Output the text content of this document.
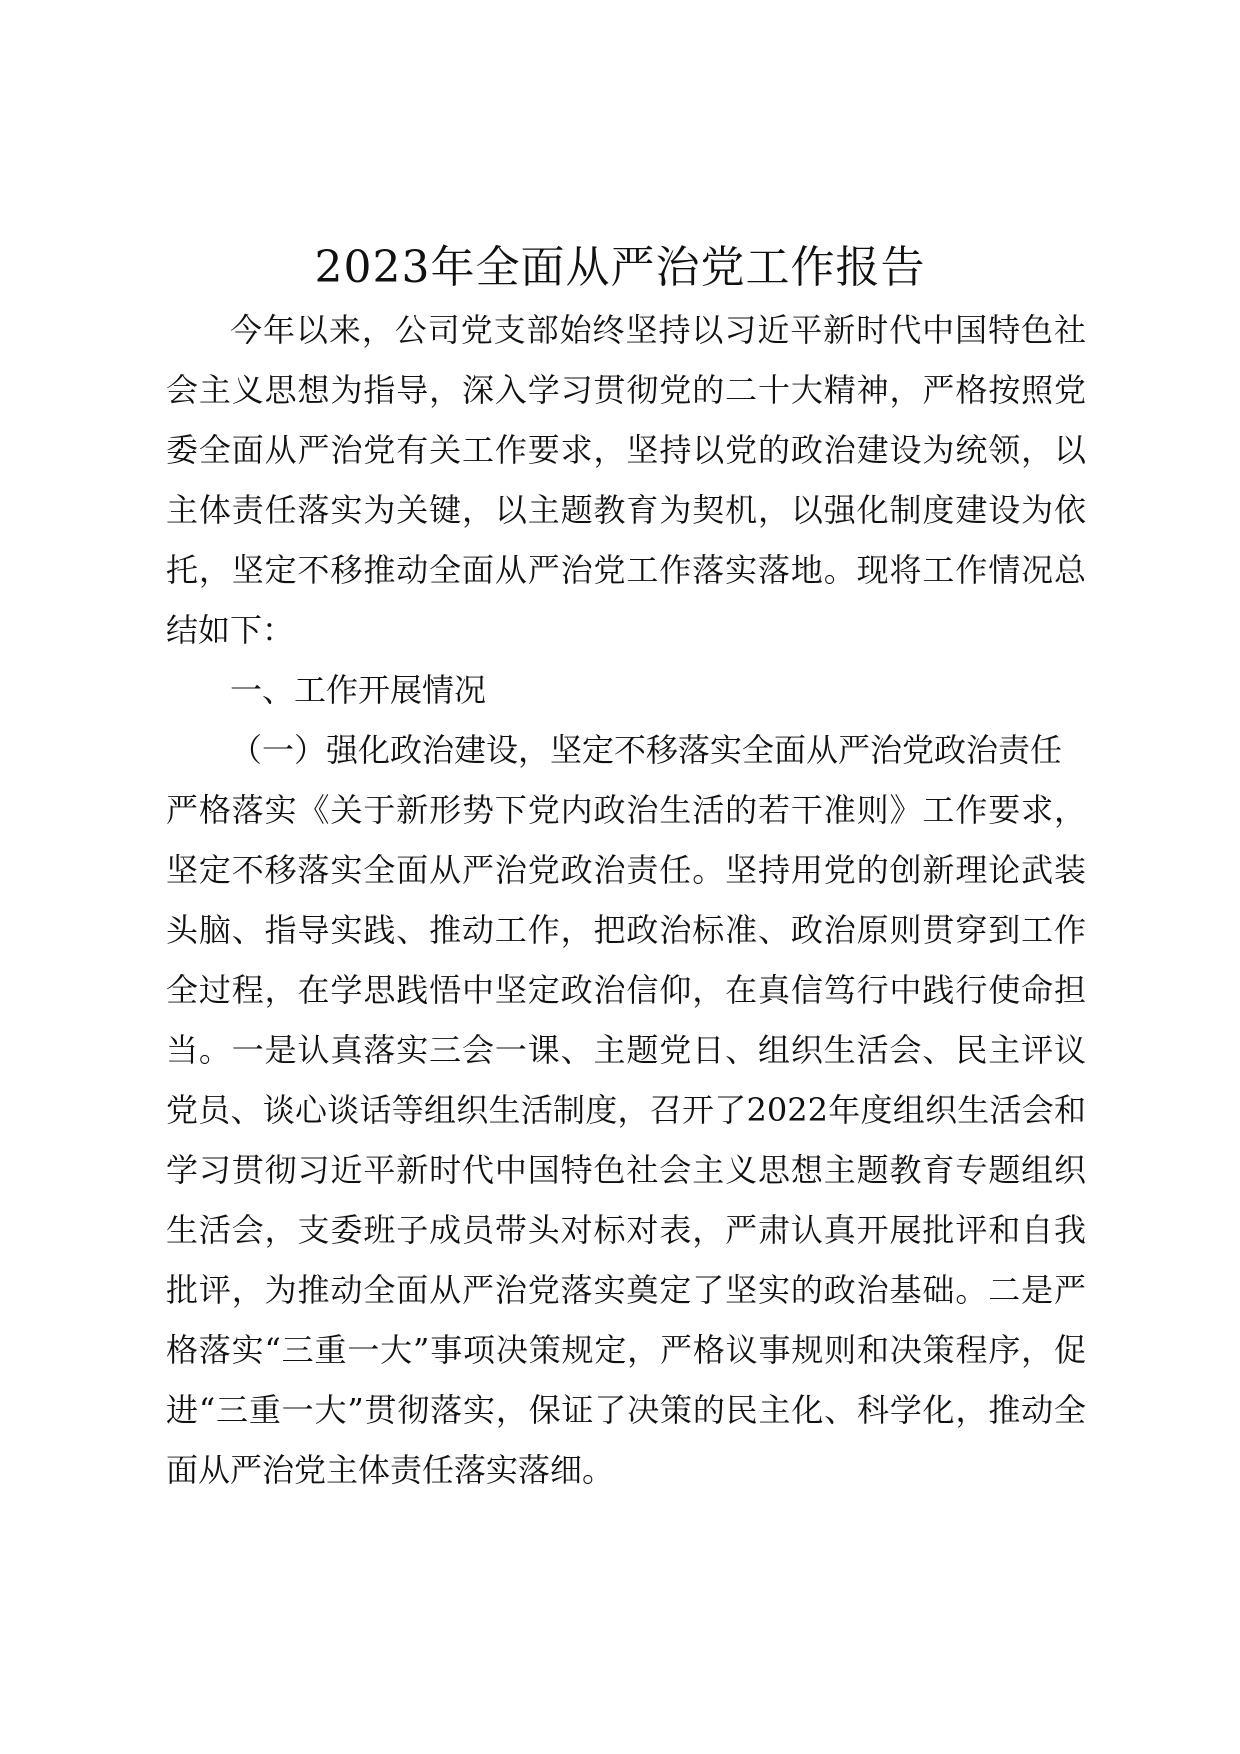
2023年全面从严治党工作报告

今年以来，公司党支部始终坚持以习近平新时代中国特色社会主义思想为指导，深入学习贯彻党的二十大精神，严格按照党委全面从严治党有关工作要求，坚持以党的政治建设为统领，以主体责任落实为关键，以主题教育为契机，以强化制度建设为依托，坚定不移推动全面从严治党工作落实落地。现将工作情况总结如下：

一、工作开展情况

（一）强化政治建设，坚定不移落实全面从严治党政治责任

严格落实《关于新形势下党内政治生活的若干准则》工作要求，坚定不移落实全面从严治党政治责任。坚持用党的创新理论武装头脑、指导实践、推动工作，把政治标准、政治原则贯穿到工作全过程，在学思践悟中坚定政治信仰，在真信笃行中践行使命担当。一是认真落实三会一课、主题党日、组织生活会、民主评议党员、谈心谈话等组织生活制度，召开了2022年度组织生活会和学习贯彻习近平新时代中国特色社会主义思想主题教育专题组织生活会，支委班子成员带头对标对表，严肃认真开展批评和自我批评，为推动全面从严治党落实奠定了坚实的政治基础。二是严格落实“三重一大”事项决策规定，严格议事规则和决策程序，促进“三重一大”贯彻落实，保证了决策的民主化、科学化，推动全面从严治党主体责任落实落细。
